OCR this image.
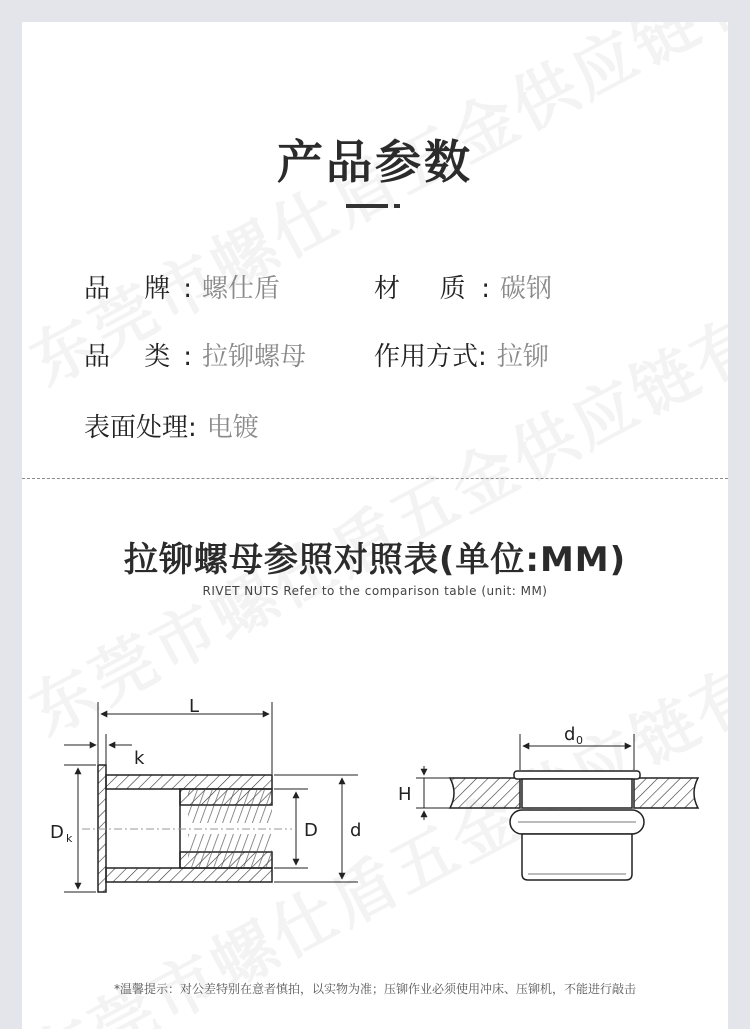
产品参数
品 牌: 螺仕盾	材 质: 碳钢
品 类: 拉铆螺母	作用方式: 拉铆
表面处理: 电镀
拉铆螺母参照对照表(单位:MM)
RIVET NUTS Refer to the comparison table (unit: MM)
L
k
D k	D d
d 0
H
*温馨提示：对公差特别在意者慎拍，以实物为准；压铆作业必须使用冲床、压铆机，不能进行敲击
